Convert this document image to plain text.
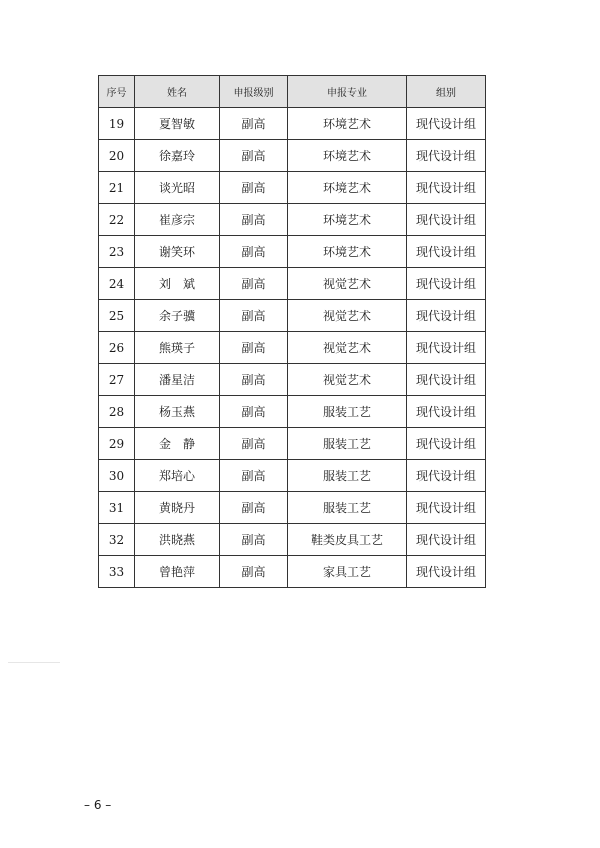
序号	姓名	申报级别	申报专业	组别
19	夏智敏	副高	环境艺术	现代设计组
20	徐嘉玲	副高	环境艺术	现代设计组
21	谈光昭	副高	环境艺术	现代设计组
22	崔彦宗	副高	环境艺术	现代设计组
23	谢笑环	副高	环境艺术	现代设计组
24	刘　斌	副高	视觉艺术	现代设计组
25	余子骥	副高	视觉艺术	现代设计组
26	熊瑛子	副高	视觉艺术	现代设计组
27	潘星洁	副高	视觉艺术	现代设计组
28	杨玉燕	副高	服装工艺	现代设计组
29	金　静	副高	服装工艺	现代设计组
30	郑培心	副高	服装工艺	现代设计组
31	黄晓丹	副高	服装工艺	现代设计组
32	洪晓燕	副高	鞋类皮具工艺	现代设计组
33	曾艳萍	副高	家具工艺	现代设计组
– 6 –
